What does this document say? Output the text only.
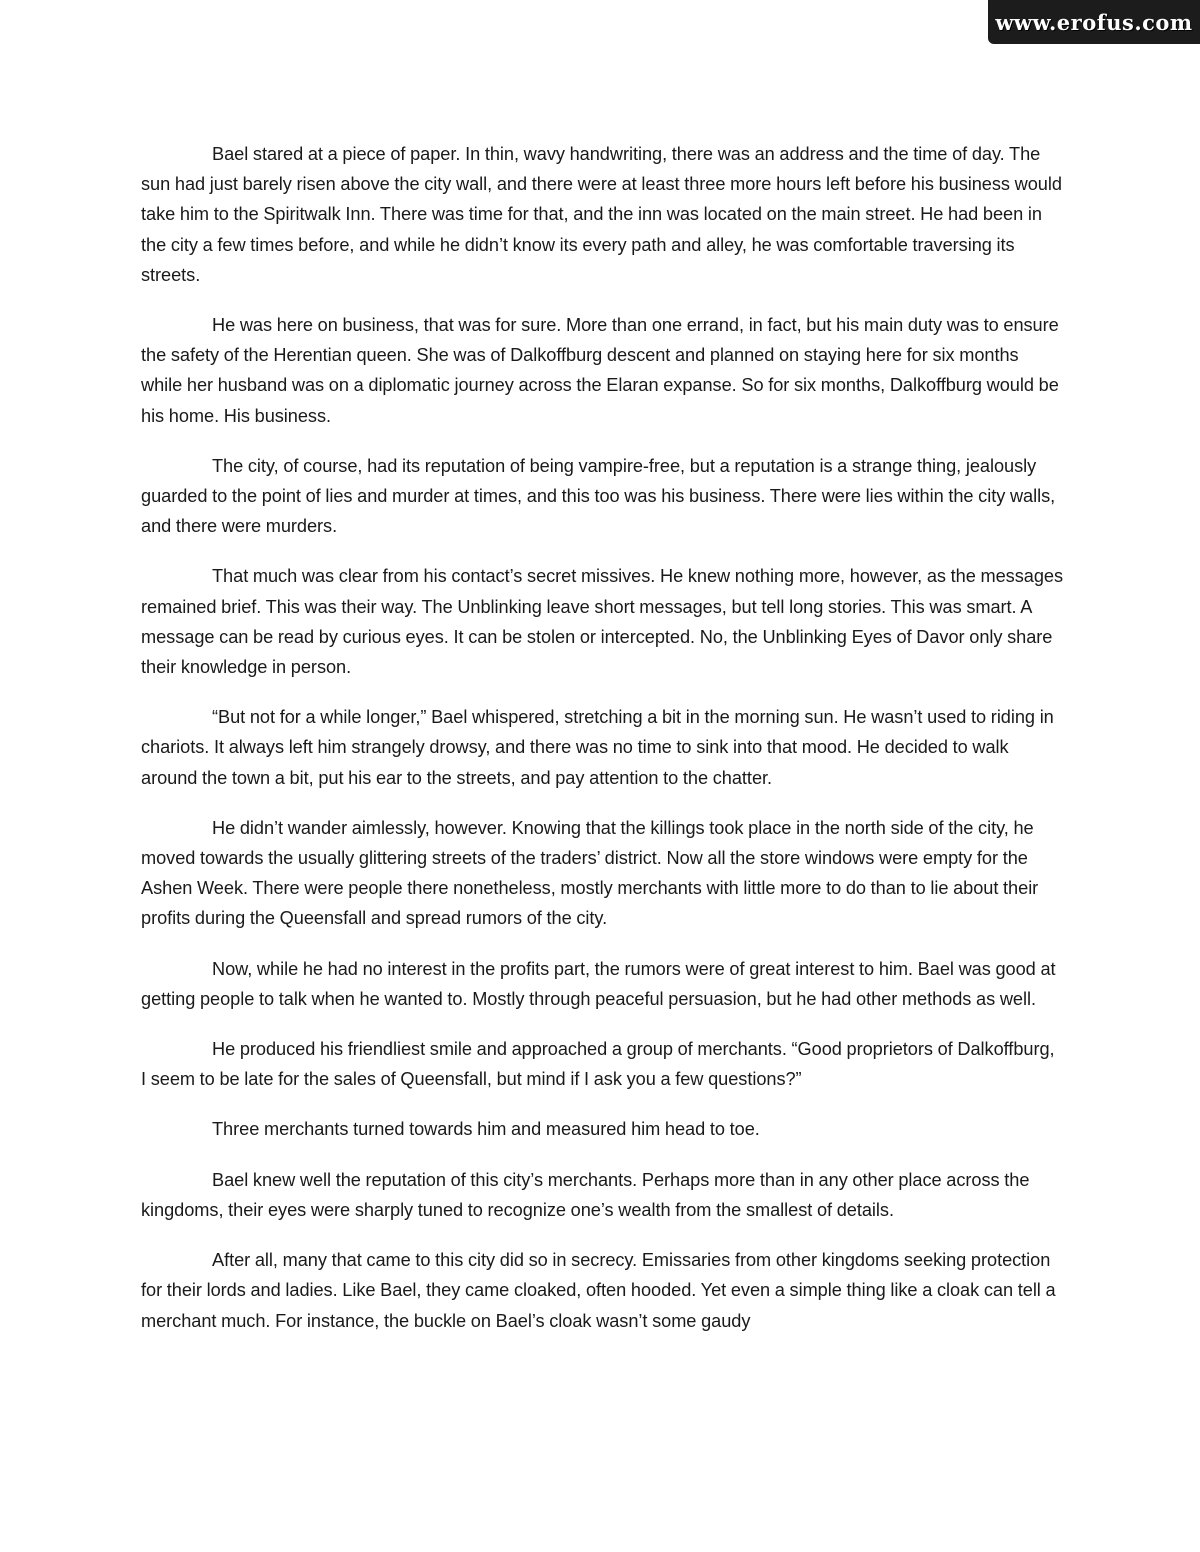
www.erofus.com

Bael stared at a piece of paper. In thin, wavy handwriting, there was an address and the time of day. The sun had just barely risen above the city wall, and there were at least three more hours left before his business would take him to the Spiritwalk Inn. There was time for that, and the inn was located on the main street. He had been in the city a few times before, and while he didn’t know its every path and alley, he was comfortable traversing its streets.

He was here on business, that was for sure. More than one errand, in fact, but his main duty was to ensure the safety of the Herentian queen. She was of Dalkoffburg descent and planned on staying here for six months while her husband was on a diplomatic journey across the Elaran expanse. So for six months, Dalkoffburg would be his home. His business.

The city, of course, had its reputation of being vampire-free, but a reputation is a strange thing, jealously guarded to the point of lies and murder at times, and this too was his business. There were lies within the city walls, and there were murders.

That much was clear from his contact’s secret missives. He knew nothing more, however, as the messages remained brief. This was their way. The Unblinking leave short messages, but tell long stories. This was smart. A message can be read by curious eyes. It can be stolen or intercepted. No, the Unblinking Eyes of Davor only share their knowledge in person.

“But not for a while longer,” Bael whispered, stretching a bit in the morning sun. He wasn’t used to riding in chariots. It always left him strangely drowsy, and there was no time to sink into that mood. He decided to walk around the town a bit, put his ear to the streets, and pay attention to the chatter.

He didn’t wander aimlessly, however. Knowing that the killings took place in the north side of the city, he moved towards the usually glittering streets of the traders’ district. Now all the store windows were empty for the Ashen Week. There were people there nonetheless, mostly merchants with little more to do than to lie about their profits during the Queensfall and spread rumors of the city.

Now, while he had no interest in the profits part, the rumors were of great interest to him. Bael was good at getting people to talk when he wanted to. Mostly through peaceful persuasion, but he had other methods as well.

He produced his friendliest smile and approached a group of merchants. “Good proprietors of Dalkoffburg, I seem to be late for the sales of Queensfall, but mind if I ask you a few questions?”

Three merchants turned towards him and measured him head to toe.

Bael knew well the reputation of this city’s merchants. Perhaps more than in any other place across the kingdoms, their eyes were sharply tuned to recognize one’s wealth from the smallest of details.

After all, many that came to this city did so in secrecy. Emissaries from other kingdoms seeking protection for their lords and ladies. Like Bael, they came cloaked, often hooded. Yet even a simple thing like a cloak can tell a merchant much. For instance, the buckle on Bael’s cloak wasn’t some gaudy
